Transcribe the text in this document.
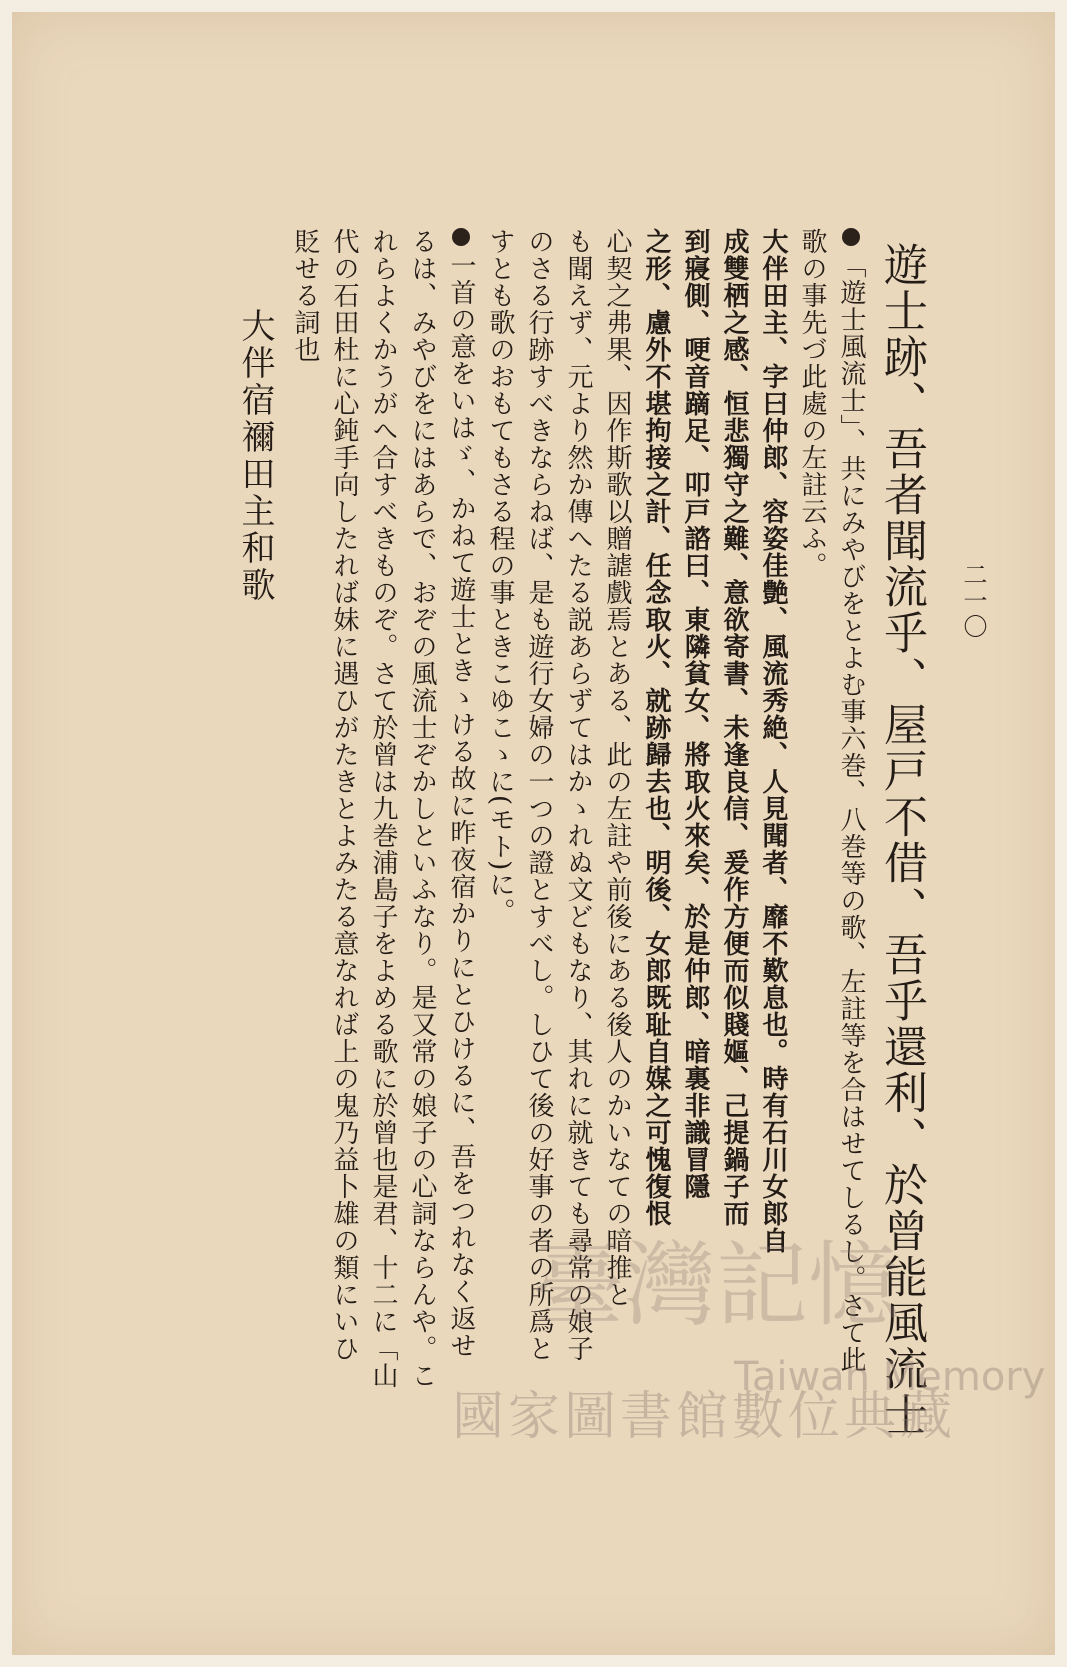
二一〇
遊士跡、吾者聞流乎、屋戸不借、吾乎還利、於曾能風流士
「遊士風流士」、共にみやびをとよむ事六巻、八巻等の歌、左註等を合はせてしるし。さて此
歌の事先づ此處の左註云ふ。
大伴田主、字曰仲郎、容姿佳艶、風流秀絶、人見聞者、靡不歎息也。時有石川女郎自
成雙栖之感、恒悲獨守之難、意欲寄書、未逢良信、爰作方便而似賤嫗、己提鍋子而
到寢側、哽音蹢足、叩戸諮曰、東隣貧女、將取火來矣、於是仲郎、暗裏非識冒隱
之形、慮外不堪拘接之計、任念取火、就跡歸去也、明後、女郎既耻自媒之可愧復恨
心契之弗果、因作斯歌以贈謔戲焉とある、此の左註や前後にある後人のかいなての暗推と
も聞えず、元より然か傳へたる説あらずてはかゝれぬ文どもなり、其れに就きても尋常の娘子
のさる行跡すべきならねば、是も遊行女婦の一つの證とすべし。しひて後の好事の者の所爲と
すとも歌のおもてもさる程の事ときこゆこゝに(モト)に。
一首の意をいはゞ、かねて遊士ときゝける故に昨夜宿かりにとひけるに、吾をつれなく返せ
るは、みやびをにはあらで、おぞの風流士ぞかしといふなり。是又常の娘子の心詞ならんや。こ
れらよくかうがへ合すべきものぞ。さて於曾は九巻浦島子をよめる歌に於曾也是君、十二に「山
代の石田杜に心鈍手向したれば妹に遇ひがたきとよみたる意なれば上の鬼乃益卜雄の類にいひ
貶せる詞也
大伴宿禰田主和歌
臺灣記憶
Taiwan Memory
國家圖書館數位典藏
